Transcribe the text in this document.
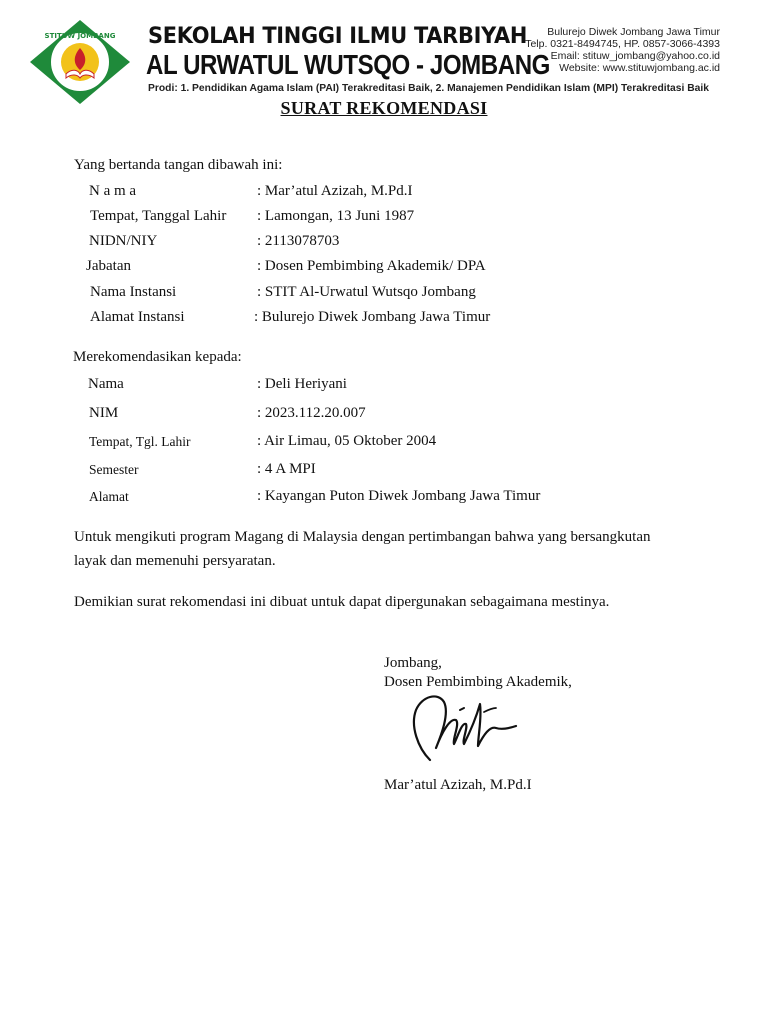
STITUW JOMBANG SEKOLAH TINGGI ILMU TARBIYAH
AL URWATUL WUTSQO - JOMBANG
Bulurejo Diwek Jombang Jawa Timur
Telp. 0321-8494745, HP. 0857-3066-4393
Email: stituw_jombang@yahoo.co.id
Website: www.stituwjombang.ac.id
Prodi: 1. Pendidikan Agama Islam (PAI) Terakreditasi Baik, 2. Manajemen Pendidikan Islam (MPI) Terakreditasi Baik
SURAT REKOMENDASI
Yang bertanda tangan dibawah ini:
N a m a	: Mar’atul Azizah, M.Pd.I
Tempat, Tanggal Lahir : Lamongan, 13 Juni 1987
NIDN/NIY	: 2113078703
Jabatan	: Dosen Pembimbing Akademik/ DPA
Nama Instansi	: STIT Al-Urwatul Wutsqo Jombang
Alamat Instansi	: Bulurejo Diwek Jombang Jawa Timur
Merekomendasikan kepada:
Nama	: Deli Heriyani
NIM	: 2023.112.20.007
Tempat, Tgl. Lahir	: Air Limau, 05 Oktober 2004
Semester	: 4 A MPI
Alamat	: Kayangan Puton Diwek Jombang Jawa Timur
Untuk mengikuti program Magang di Malaysia dengan pertimbangan bahwa yang bersangkutan
layak dan memenuhi persyaratan.
Demikian surat rekomendasi ini dibuat untuk dapat dipergunakan sebagaimana mestinya.
Jombang,
Dosen Pembimbing Akademik,
Mar’atul Azizah, M.Pd.I
